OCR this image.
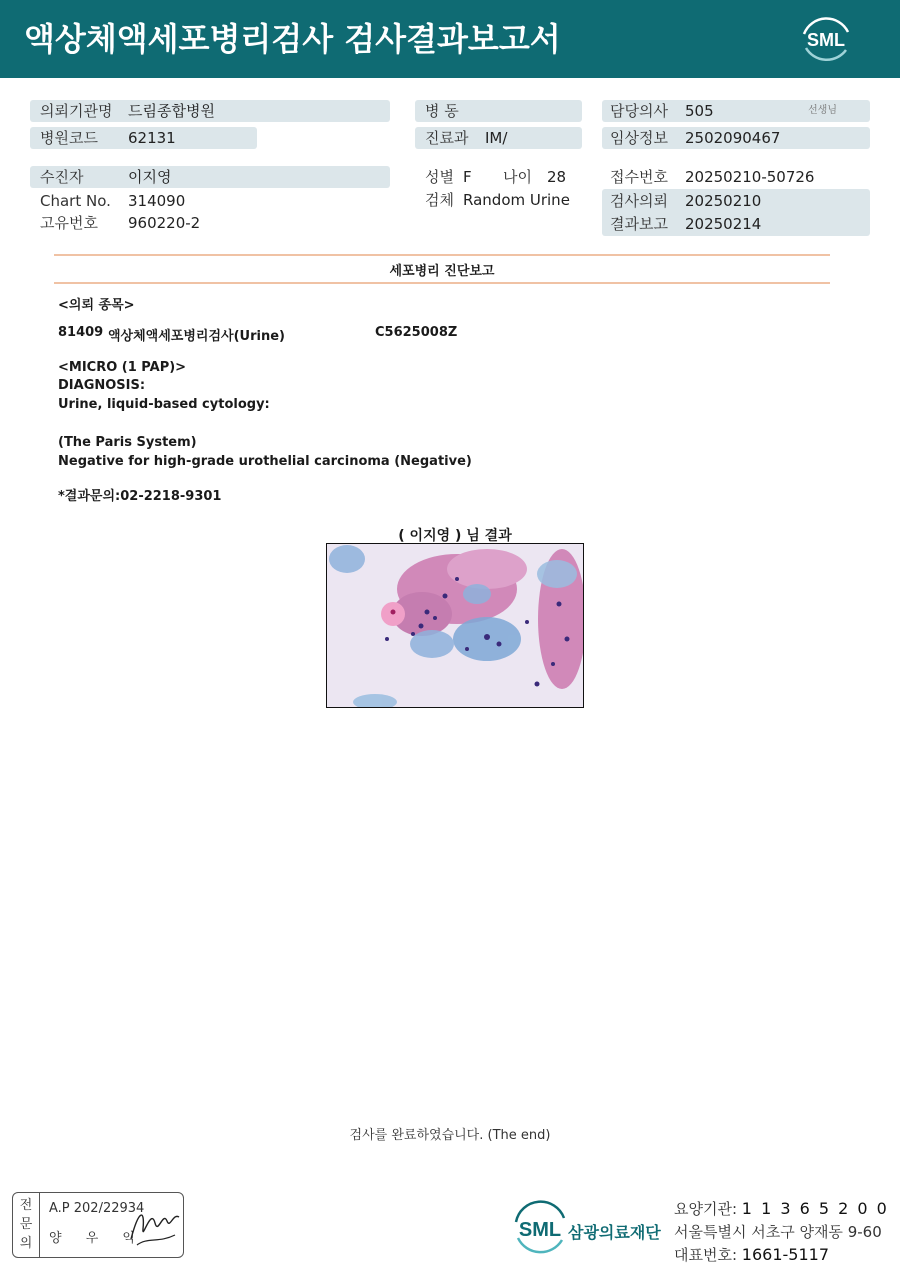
액상체액세포병리검사 검사결과보고서	SML
의뢰기관명 드림종합병원
병원코드 62131
수진자	이지영
Chart No. 314090
고유번호 960220-2
병 동
진료과 IM/
성별 F 나이 28
검체 Random Urine
담당의사 505	선생님
임상정보 2502090467
접수번호 20250210-50726
검사의뢰 20250210
결과보고 20250214
세포병리 진단보고
<의뢰 종목>
81409 액상체액세포병리검사(Urine)	C5625008Z
<MICRO (1 PAP)>
DIAGNOSIS:
Urine, liquid-based cytology:
(The Paris System)
Negative for high-grade urothelial carcinoma (Negative)
*결과문의:02-2218-9301
( 이지영 ) 님 결과
검사를 완료하였습니다. (The end)
전
문
의
A.P 202/22934
양 우 익	SML 삼광의료재단
요양기관: 1 1 3 6 5 2 0 0
서울특별시 서초구 양재동 9-60
대표번호: 1661-5117
